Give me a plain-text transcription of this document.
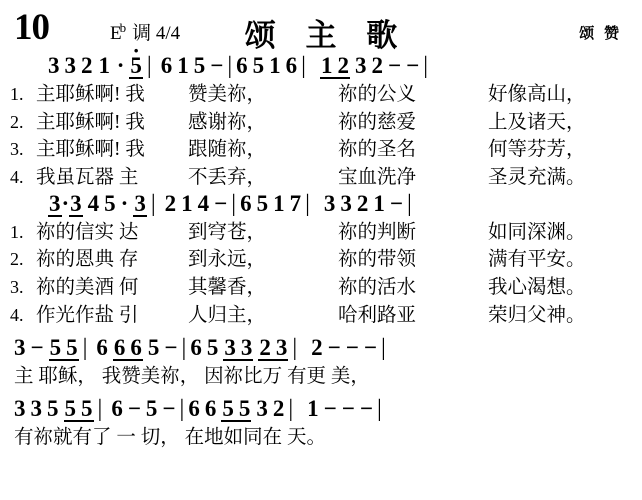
10	$E^b$ 调 4/4	颂 主 歌	颂 赞
3 3 2 1 · · 5 | 6 1 5 − | 6 5 1 6 | 1 2 3 2 − − |
1. 主耶稣啊! 我 赞美祢，	祢的公义	好像高山，
2. 主耶稣啊! 我 感谢祢，	祢的慈爱	上及诸天，
3. 主耶稣啊! 我 跟随祢，	祢的圣名	何等芬芳，
4. 我虽瓦器 主	不丢弃，	宝血洗净	圣灵充满。
3·3 4 5 · 3 | 2 1 4 − | 6 5 1 7 | 3 3 2 1 − |
1. 祢的信实 达	到穹苍，	祢的判断	如同深渊。
2. 祢的恩典 存	到永远，	祢的带领	满有平安。
3. 祢的美酒 何	其馨香，	祢的活水	我心渴想。
4. 作光作盐 引	人归主，	哈利路亚	荣归父神。
3 − 5 5 | 6 6 6 5 − | 6 5 3 3 2 3 | 2 − − − |
主 耶稣， 我赞美祢， 因祢比万 有更 美，
3 3 5 5 5 | 6 − 5 − | 6 6 5 5 3 2 | 1 − − − |
有祢就有了 一 切， 在地如同在 天。
